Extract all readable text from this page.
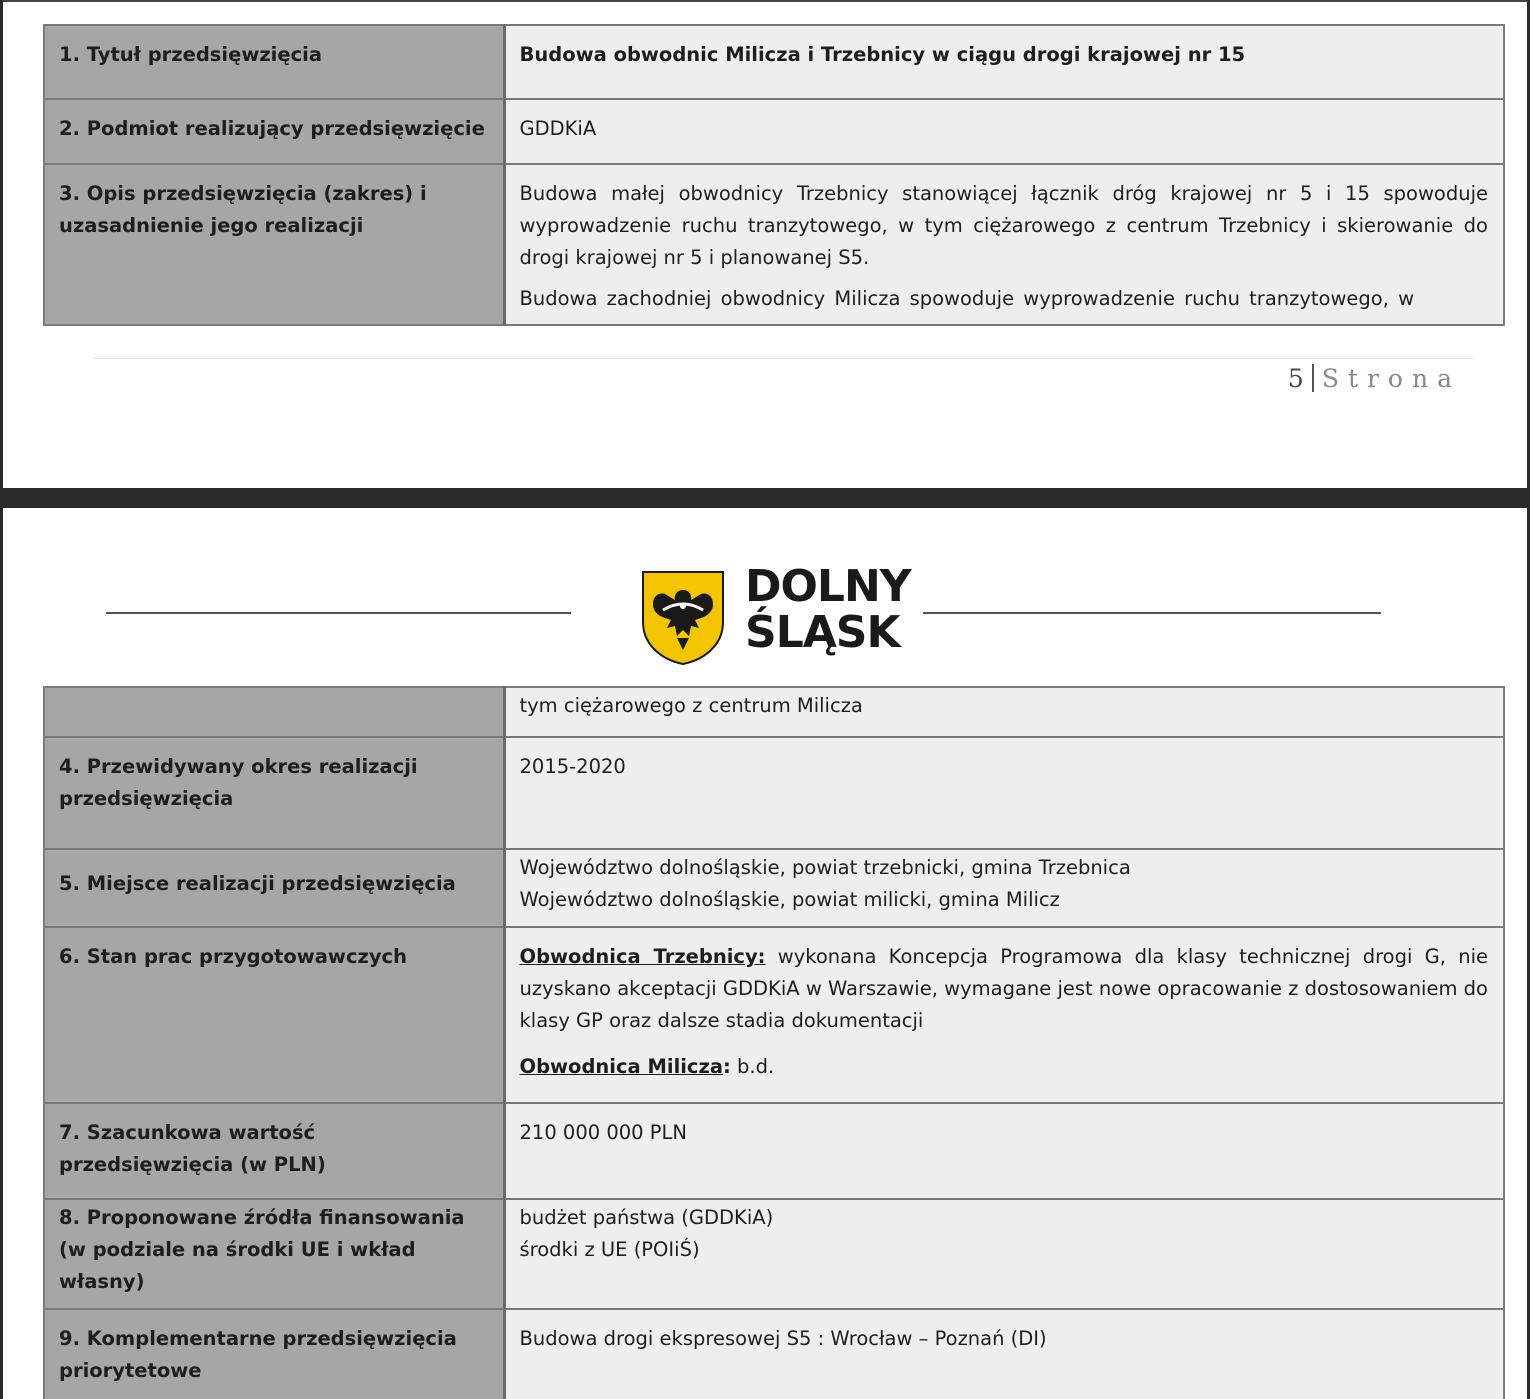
1. Tytuł przedsięwzięcia	Budowa obwodnic Milicza i Trzebnicy w ciągu drogi krajowej nr 15
2. Podmiot realizujący przedsięwzięcie	GDDKiA
3. Opis przedsięwzięcia (zakres) i uzasadnienie jego realizacji	Budowa małej obwodnicy Trzebnicy stanowiącej łącznik dróg krajowej nr 5 i 15 spowoduje wyprowadzenie ruchu tranzytowego, w tym ciężarowego z centrum Trzebnicy i skierowanie do drogi krajowej nr 5 i planowanej S5.
Budowa zachodniej obwodnicy Milicza spowoduje wyprowadzenie ruchu tranzytowego, w
5 Strona
DOLNY
ŚLĄSK
	tym ciężarowego z centrum Milicza
4. Przewidywany okres realizacji przedsięwzięcia	2015-2020
5. Miejsce realizacji przedsięwzięcia	Województwo dolnośląskie, powiat trzebnicki, gmina Trzebnica
Województwo dolnośląskie, powiat milicki, gmina Milicz

6. Stan prac przygotowawczych	Obwodnica Trzebnicy: wykonana Koncepcja Programowa dla klasy technicznej drogi G, nie uzyskano akceptacji GDDKiA w Warszawie, wymagane jest nowe opracowanie z dostosowaniem do klasy GP oraz dalsze stadia dokumentacji
Obwodnica Milicza: b.d.

7. Szacunkowa wartość przedsięwzięcia (w PLN)	210 000 000 PLN
8. Proponowane źródła finansowania (w podziale na środki UE i wkład własny)	budżet państwa (GDDKiA)
środki z UE (POIiŚ)

9. Komplementarne przedsięwzięcia priorytetowe	Budowa drogi ekspresowej S5 : Wrocław – Poznań (DI)
